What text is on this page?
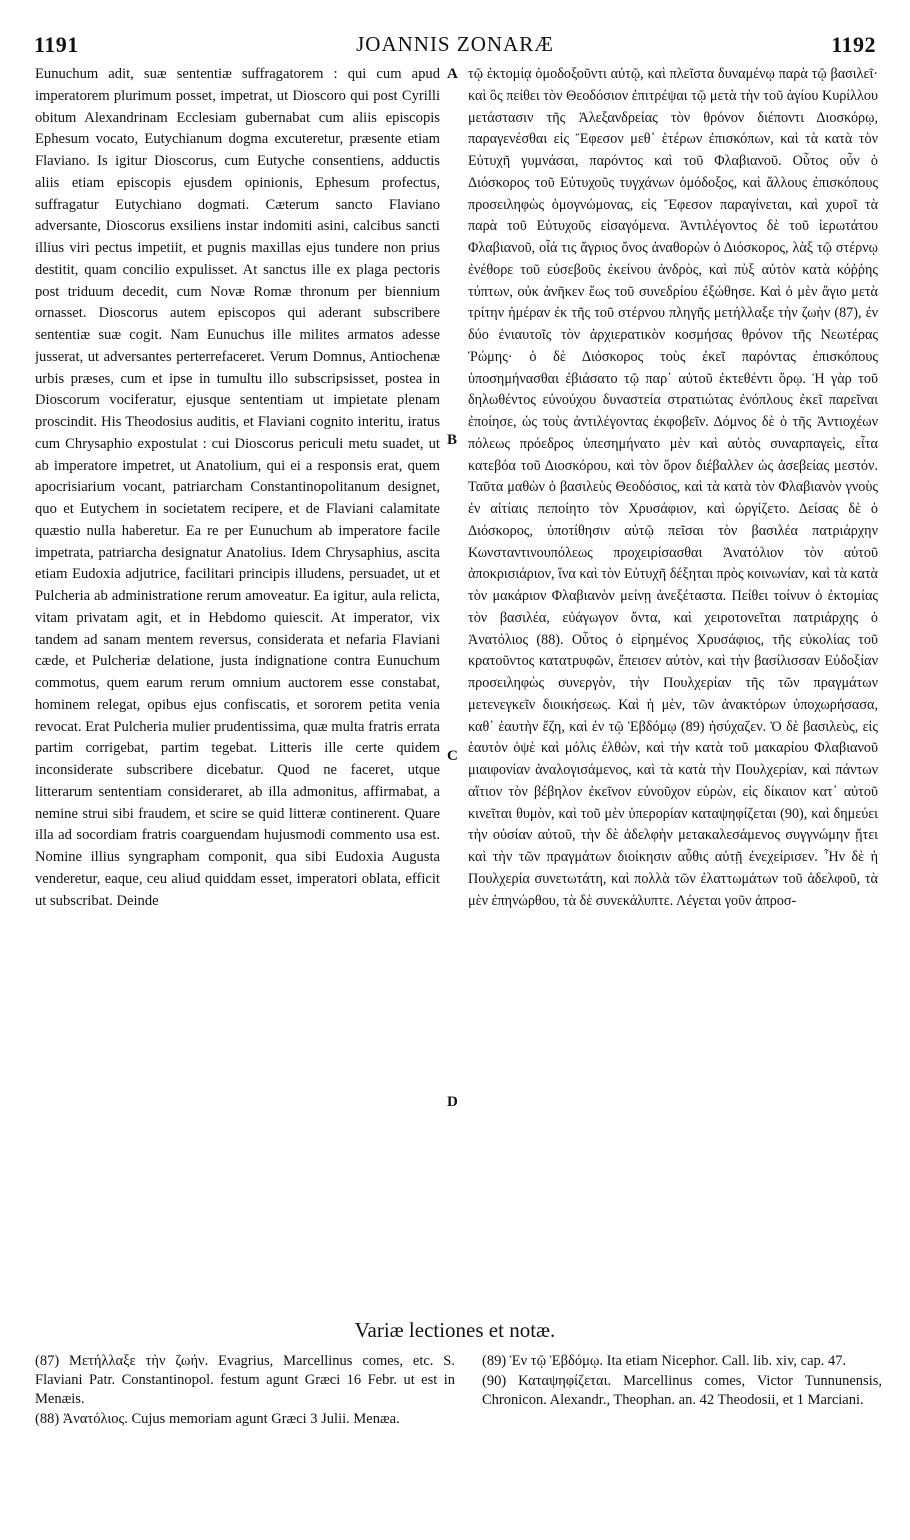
1191	JOANNIS ZONARÆ	1192

Eunuchum adit, suæ sententiæ suffragatorem : qui cum apud imperatorem plurimum posset, impetrat, ut Dioscoro qui post Cyrilli obitum Alexandrinam Ecclesiam gubernabat cum aliis episcopis Ephesum vocato, Eutychianum dogma excuteretur, præsente etiam Flaviano. Is igitur Dioscorus, cum Eutyche consentiens, adductis aliis etiam episcopis ejusdem opinionis, Ephesum profectus, suffragatur Eutychiano dogmati. Cæterum sancto Flaviano adversante, Dioscorus exsiliens instar indomiti asini, calcibus sancti illius viri pectus impetiit, et pugnis maxillas ejus tundere non prius destitit, quam concilio expulisset. At sanctus ille ex plaga pectoris post triduum decedit, cum Novæ Romæ thronum per biennium ornasset. Dioscorus autem episcopos qui aderant subscribere sententiæ suæ cogit. Nam Eunuchus ille milites armatos adesse jusserat, ut adversantes perterrefaceret. Verum Domnus, Antiochenæ urbis præses, cum et ipse in tumultu illo subscripsisset, postea in Dioscorum vociferatur, ejusque sententiam ut impietate plenam proscindit. His Theodosius auditis, et Flaviani cognito interitu, iratus cum Chrysaphio expostulat : cui Dioscorus periculi metu suadet, ut ab imperatore impetret, ut Anatolium, qui ei a responsis erat, quem apocrisiarium vocant, patriarcham Constantinopolitanum designet, quo et Eutychem in societatem recipere, et de Flaviani calamitate quæstio nulla haberetur. Ea re per Eunuchum ab imperatore facile impetrata, patriarcha designatur Anatolius. Idem Chrysaphius, ascita etiam Eudoxia adjutrice, facilitari principis illudens, persuadet, ut et Pulcheria ab administratione rerum amoveatur. Ea igitur, aula relicta, vitam privatam agit, et in Hebdomo quiescit. At imperator, vix tandem ad sanam mentem reversus, considerata et nefaria Flaviani cæde, et Pulcheriæ delatione, justa indignatione contra Eunuchum commotus, quem earum rerum omnium auctorem esse constabat, hominem relegat, opibus ejus confiscatis, et sororem petita venia revocat. Erat Pulcheria mulier prudentissima, quæ multa fratris errata partim corrigebat, partim tegebat. Litteris ille certe quidem inconsiderate subscribere dicebatur. Quod ne faceret, utque litterarum sententiam consideraret, ab illa admonitus, affirmabat, a nemine strui sibi fraudem, et scire se quid litteræ continerent. Quare illa ad socordiam fratris coarguendam hujusmodi commento usa est. Nomine illius syngrapham componit, qua sibi Eudoxia Augusta venderetur, eaque, ceu aliud quiddam esset, imperatori oblata, efficit ut subscribat. Deinde

A
B
C
D

τῷ ἐκτομίᾳ ὁμοδοξοῦντι αὐτῷ, καὶ πλεῖστα δυναμένῳ παρὰ τῷ βασιλεῖ· καὶ ὃς πείθει τὸν Θεοδόσιον ἐπιτρέψαι τῷ μετὰ τὴν τοῦ ἁγίου Κυρίλλου μετάστασιν τῆς Ἀλεξανδρείας τὸν θρόνον διέποντι Διοσκόρῳ, παραγενέσθαι εἰς Ἔφεσον μεθ᾽ ἑτέρων ἐπισκόπων, καὶ τὰ κατὰ τὸν Εὐτυχῆ γυμνάσαι, παρόντος καὶ τοῦ Φλαβιανοῦ. Οὗτος οὖν ὁ Διόσκορος τοῦ Εὐτυχοῦς τυγχάνων ὁμόδοξος, καὶ ἄλλους ἐπισκόπους προσειληφὼς ὁμογνώμονας, εἰς Ἔφεσον παραγίνεται, καὶ χυροῖ τὰ παρὰ τοῦ Εὐτυχοῦς εἰσαγόμενα. Ἀντιλέγοντος δὲ τοῦ ἱερωτάτου Φλαβιανοῦ, οἷά τις ἄγριος ὄνος ἀναθορὼν ὁ Διόσκορος, λὰξ τῷ στέρνῳ ἐνέθορε τοῦ εὐσεβοῦς ἐκείνου ἀνδρὸς, καὶ πὺξ αὐτὸν κατὰ κόῤῥης τύπτων, οὐκ ἀνῆκεν ἕως τοῦ συνεδρίου ἐξώθησε. Καὶ ὁ μὲν ἅγιο μετὰ τρίτην ἡμέραν ἐκ τῆς τοῦ στέρνου πληγῆς μετήλλαξε τὴν ζωὴν (87), ἐν δύο ἐνιαυτοῖς τὸν ἀρχιερατικὸν κοσμήσας θρόνον τῆς Νεωτέρας Ῥώμης· ὁ δὲ Διόσκορος τοὺς ἐκεῖ παρόντας ἐπισκόπους ὑποσημήνασθαι ἐβιάσατο τῷ παρ᾽ αὐτοῦ ἐκτεθέντι ὅρῳ. Ἡ γὰρ τοῦ δηλωθέντος εὐνούχου δυναστεία στρατιώτας ἐνόπλους ἐκεῖ παρεῖναι ἐποίησε, ὡς τοὺς ἀντιλέγοντας ἐκφοβεῖν. Δόμνος δὲ ὁ τῆς Ἀντιοχέων πόλεως πρόεδρος ὑπεσημήνατο μὲν καὶ αὐτὸς συναρπαγεὶς, εἶτα κατεβόα τοῦ Διοσκόρου, καὶ τὸν ὅρον διέβαλλεν ὡς ἀσεβείας μεστόν. Ταῦτα μαθὼν ὁ βασιλεὺς Θεοδόσιος, καὶ τὰ κατὰ τὸν Φλαβιανὸν γνοὺς ἐν αἰτίαις πεποίητο τὸν Χρυσάφιον, καὶ ὠργίζετο. Δείσας δὲ ὁ Διόσκορος, ὑποτίθησιν αὐτῷ πεῖσαι τὸν βασιλέα πατριάρχην Κωνσταντινουπόλεως προχειρίσασθαι Ἀνατόλιον τὸν αὐτοῦ ἀποκρισιάριον, ἵνα καὶ τὸν Εὐτυχῆ δέξηται πρὸς κοινωνίαν, καὶ τὰ κατὰ τὸν μακάριον Φλαβιανὸν μείνῃ ἀνεξέταστα. Πείθει τοίνυν ὁ ἐκτομίας τὸν βασιλέα, εὐάγωγον ὄντα, καὶ χειροτονεῖται πατριάρχης ὁ Ἀνατόλιος (88). Οὗτος ὁ εἰρημένος Χρυσάφιος, τῆς εὐκολίας τοῦ κρατοῦντος κατατρυφῶν, ἔπεισεν αὐτὸν, καὶ τὴν βασίλισσαν Εὐδοξίαν προσειληφὼς συνεργὸν, τὴν Πουλχερίαν τῆς τῶν πραγμάτων μετενεγκεῖν διοικήσεως. Καὶ ἡ μὲν, τῶν ἀνακτόρων ὑποχωρήσασα, καθ᾽ ἑαυτὴν ἔζη, καὶ ἐν τῷ Ἑβδόμῳ (89) ἡσύχαζεν. Ὁ δὲ βασιλεὺς, εἰς ἑαυτὸν ὀψὲ καὶ μόλις ἐλθὼν, καὶ τὴν κατὰ τοῦ μακαρίου Φλαβιανοῦ μιαιφονίαν ἀναλογισάμενος, καὶ τὰ κατὰ τὴν Πουλχερίαν, καὶ πάντων αἴτιον τὸν βέβηλον ἐκεῖνον εὐνοῦχον εὑρὼν, εἰς δίκαιον κατ᾽ αὐτοῦ κινεῖται θυμὸν, καὶ τοῦ μὲν ὑπερορίαν καταψηφίζεται (90), καὶ δημεύει τὴν οὐσίαν αὐτοῦ, τὴν δὲ ἀδελφὴν μετακαλεσάμενος συγγνώμην ᾔτει καὶ τὴν τῶν πραγμάτων διοίκησιν αὖθις αὐτῇ ἐνεχείρισεν. Ἦν δὲ ἡ Πουλχερία συνετωτάτη, καὶ πολλὰ τῶν ἐλαττωμάτων τοῦ ἀδελφοῦ, τὰ μὲν ἐπηνώρθου, τὰ δὲ συνεκάλυπτε. Λέγεται γοῦν ἀπροσ-

Variæ lectiones et notæ.

(87) Μετήλλαξε τὴν ζωήν. Evagrius, Marcellinus comes, etc. S. Flaviani Patr. Constantinopol. festum agunt Græci 16 Febr. ut est in Menæis.

(88) Ἀνατόλιος. Cujus memoriam agunt Græci 3 Julii. Menæa.

(89) Ἐν τῷ Ἑβδόμῳ. Ita etiam Nicephor. Call. lib. xiv, cap. 47.

(90) Καταψηφίζεται. Marcellinus comes, Victor Tunnunensis, Chronicon. Alexandr., Theophan. an. 42 Theodosii, et 1 Marciani.
